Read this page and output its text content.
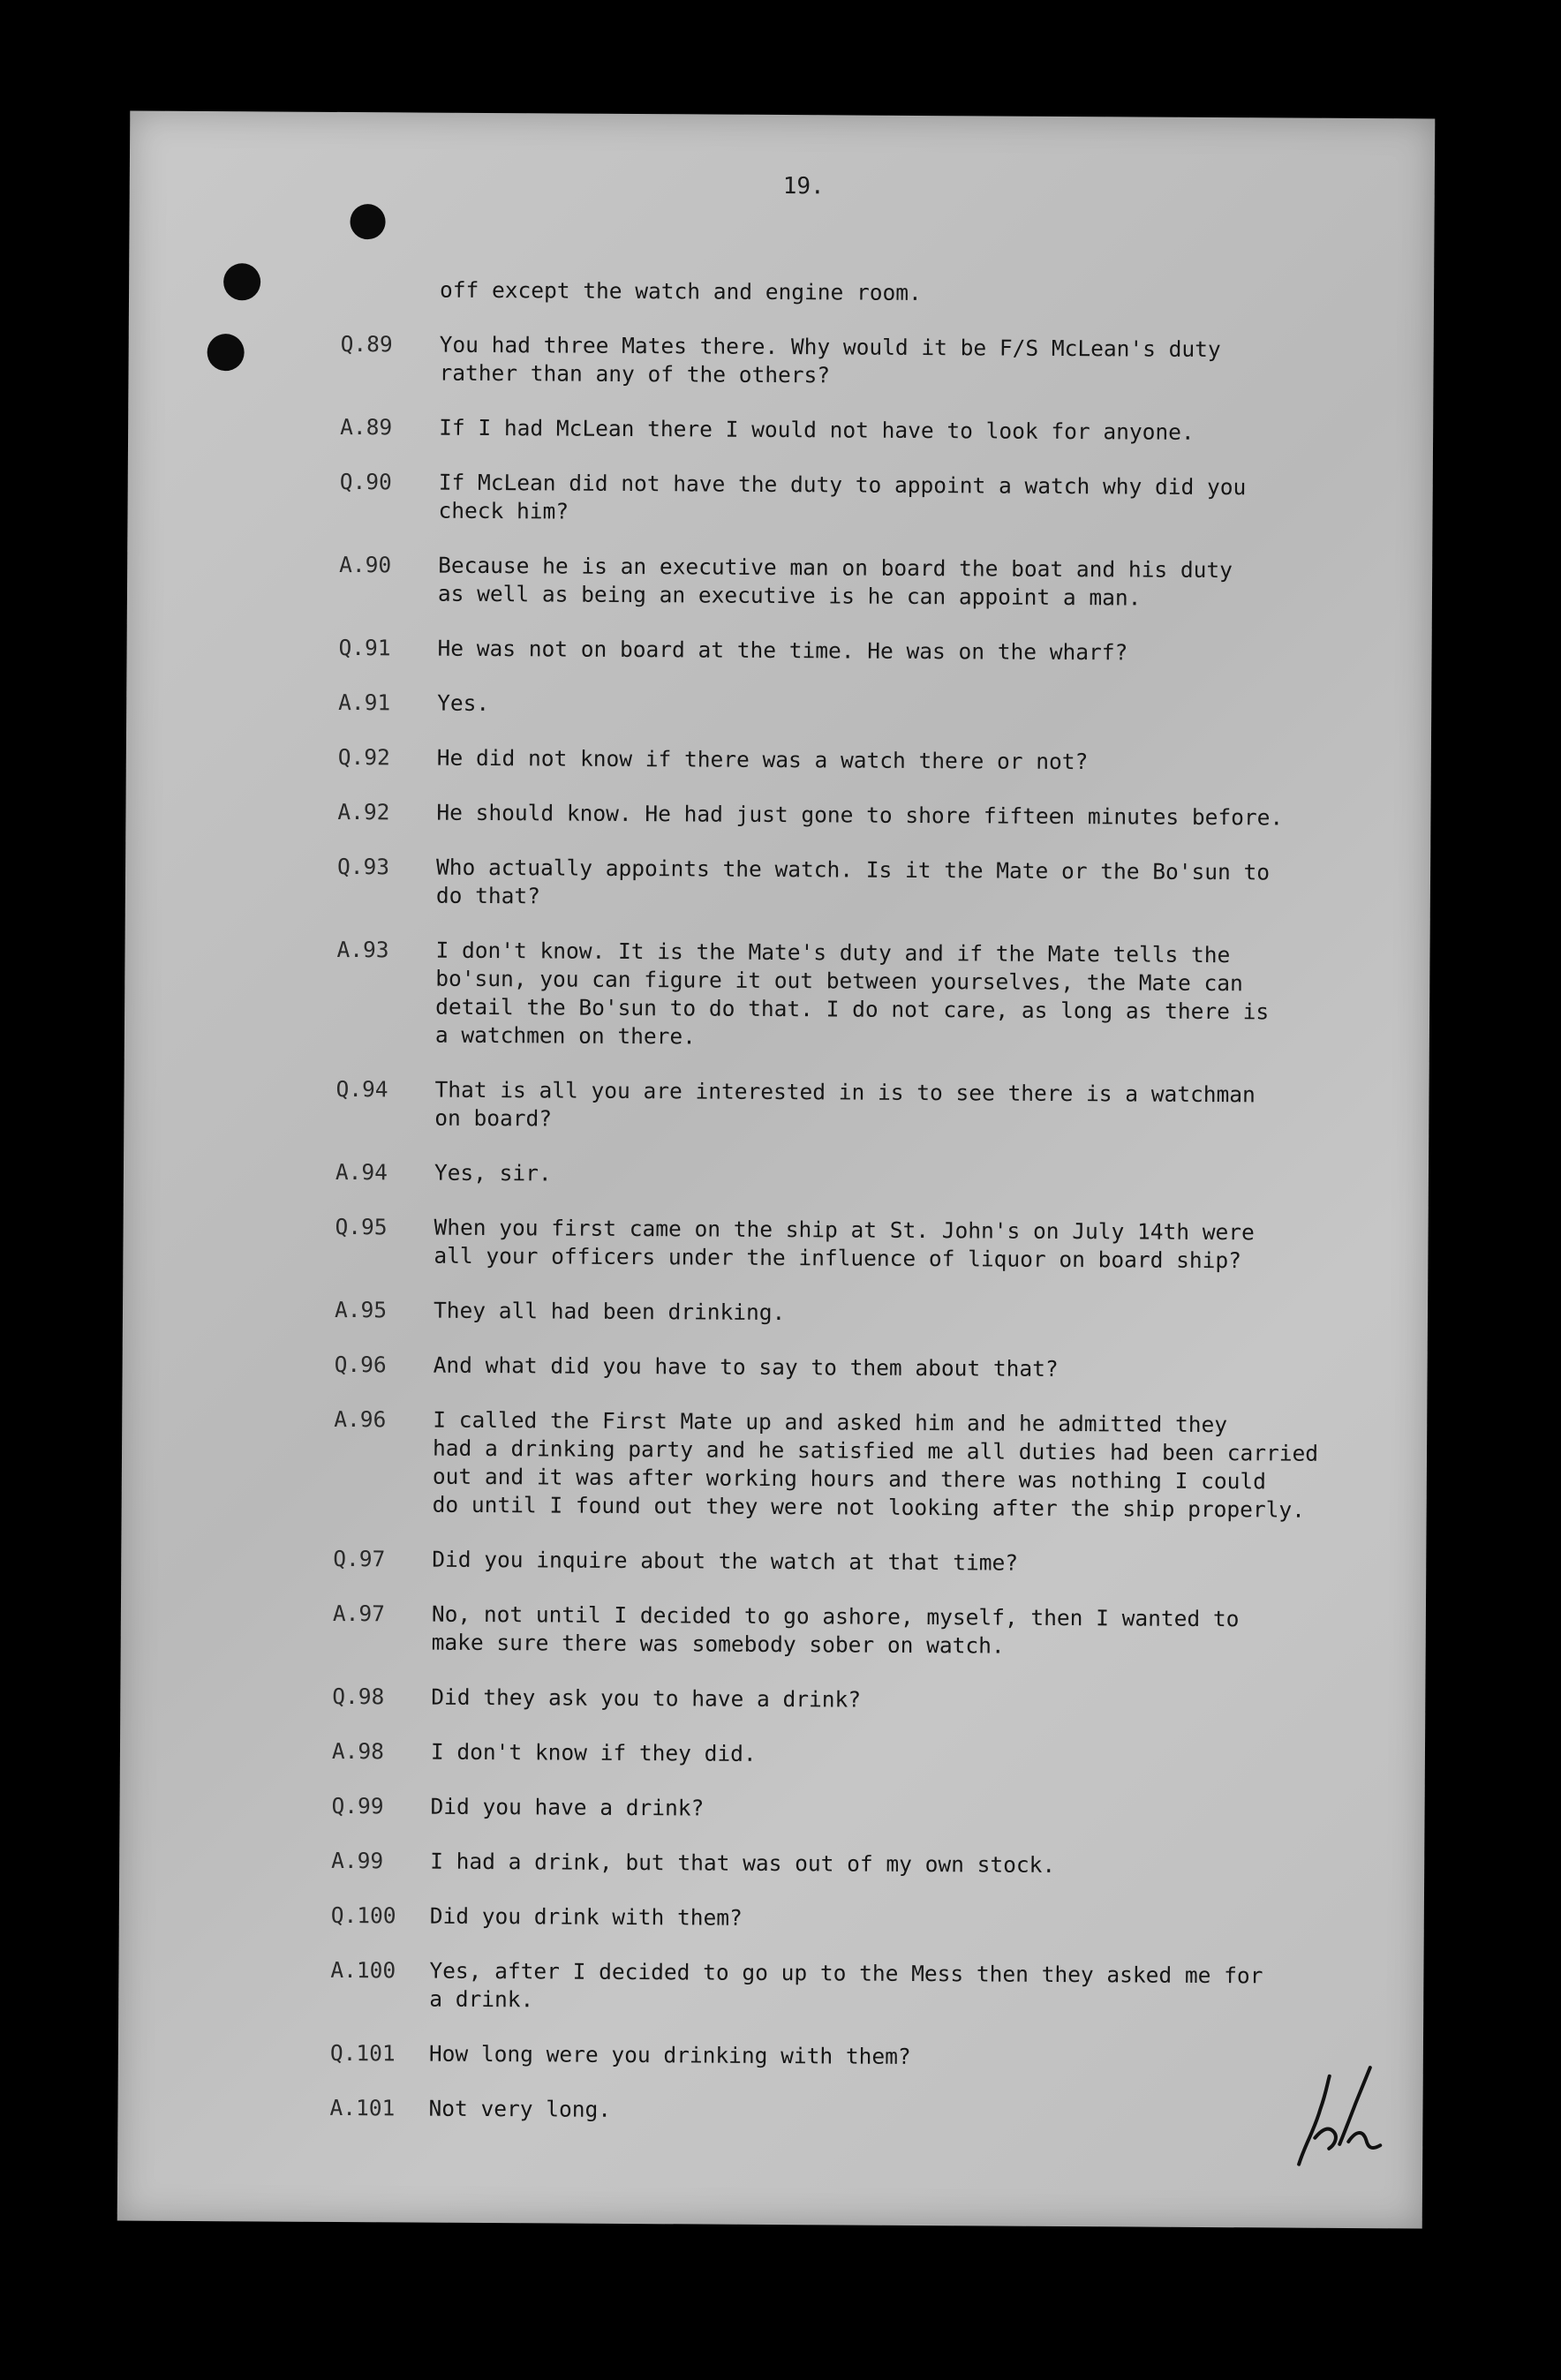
19.
off except the watch and engine room.
Q.89	You had three Mates there. Why would it be F/S McLean's duty
rather than any of the others?
A.89	If I had McLean there I would not have to look for anyone.
Q.90	If McLean did not have the duty to appoint a watch why did you
check him?
A.90	Because he is an executive man on board the boat and his duty
as well as being an executive is he can appoint a man.
Q.91	He was not on board at the time. He was on the wharf?
A.91	Yes.
Q.92	He did not know if there was a watch there or not?
A.92	He should know. He had just gone to shore fifteen minutes before.
Q.93	Who actually appoints the watch. Is it the Mate or the Bo'sun to
do that?
A.93	I don't know. It is the Mate's duty and if the Mate tells the
bo'sun, you can figure it out between yourselves, the Mate can
detail the Bo'sun to do that. I do not care, as long as there is
a watchmen on there.
Q.94	That is all you are interested in is to see there is a watchman
on board?
A.94	Yes, sir.
Q.95	When you first came on the ship at St. John's on July 14th were
all your officers under the influence of liquor on board ship?
A.95	They all had been drinking.
Q.96	And what did you have to say to them about that?
A.96	I called the First Mate up and asked him and he admitted they
had a drinking party and he satisfied me all duties had been carried
out and it was after working hours and there was nothing I could
do until I found out they were not looking after the ship properly.
Q.97	Did you inquire about the watch at that time?
A.97	No, not until I decided to go ashore, myself, then I wanted to
make sure there was somebody sober on watch.
Q.98	Did they ask you to have a drink?
A.98	I don't know if they did.
Q.99	Did you have a drink?
A.99	I had a drink, but that was out of my own stock.
Q.100	Did you drink with them?
A.100	Yes, after I decided to go up to the Mess then they asked me for
a drink.
Q.101	How long were you drinking with them?
A.101	Not very long.
